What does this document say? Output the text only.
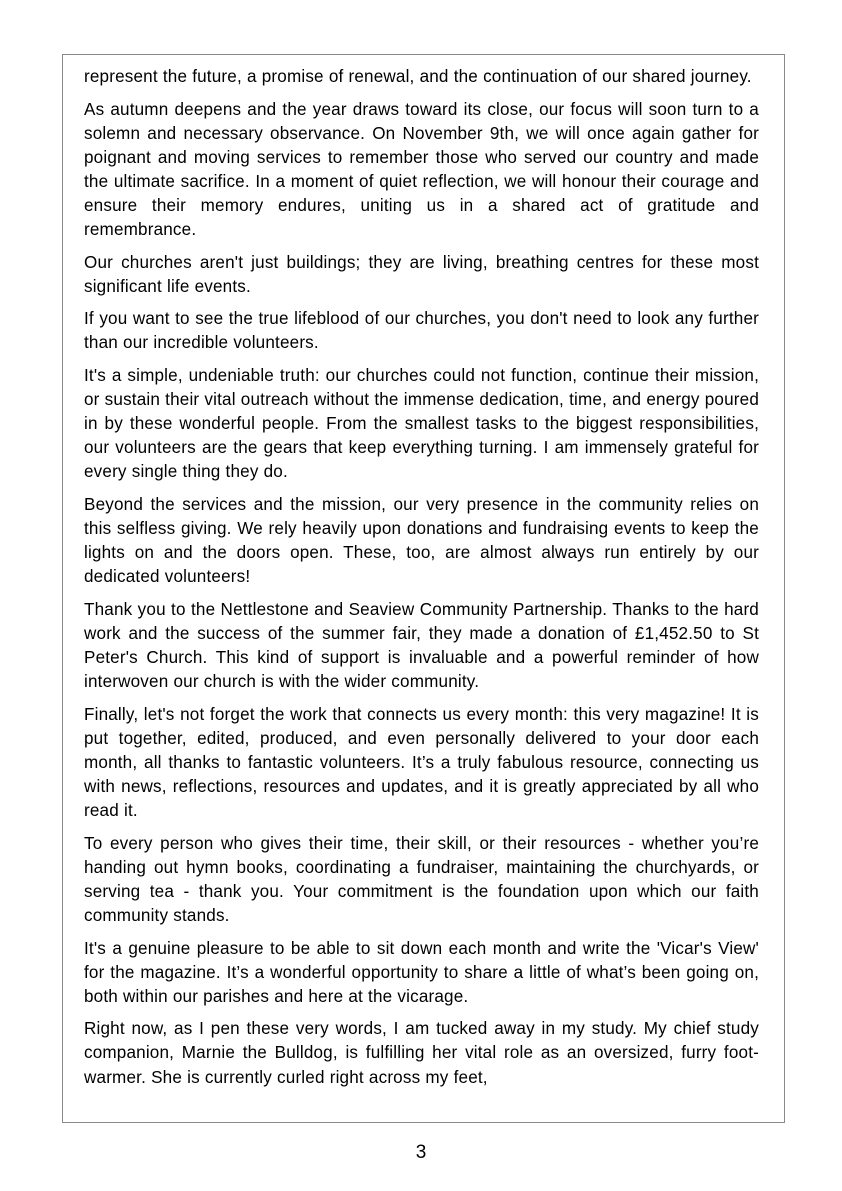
represent the future, a promise of renewal, and the continuation of our shared journey.

As autumn deepens and the year draws toward its close, our focus will soon turn to a solemn and necessary observance. On November 9th, we will once again gather for poignant and moving services to remember those who served our country and made the ultimate sacrifice. In a moment of quiet reflection, we will honour their courage and ensure their memory endures, uniting us in a shared act of gratitude and remembrance.

Our churches aren't just buildings; they are living, breathing centres for these most significant life events.

If you want to see the true lifeblood of our churches, you don't need to look any further than our incredible volunteers.

It's a simple, undeniable truth: our churches could not function, continue their mission, or sustain their vital outreach without the immense dedication, time, and energy poured in by these wonderful people. From the smallest tasks to the biggest responsibilities, our volunteers are the gears that keep everything turning. I am immensely grateful for every single thing they do.

Beyond the services and the mission, our very presence in the community relies on this selfless giving. We rely heavily upon donations and fundraising events to keep the lights on and the doors open. These, too, are almost always run entirely by our dedicated volunteers!

Thank you to the Nettlestone and Seaview Community Partnership. Thanks to the hard work and the success of the summer fair, they made a donation of £1,452.50 to St Peter's Church. This kind of support is invaluable and a powerful reminder of how interwoven our church is with the wider community.

Finally, let's not forget the work that connects us every month: this very magazine! It is put together, edited, produced, and even personally delivered to your door each month, all thanks to fantastic volunteers. It’s a truly fabulous resource, connecting us with news, reflections, resources and updates, and it is greatly appreciated by all who read it.

To every person who gives their time, their skill, or their resources - whether you’re handing out hymn books, coordinating a fundraiser, maintaining the churchyards, or serving tea - thank you. Your commitment is the foundation upon which our faith community stands.

It's a genuine pleasure to be able to sit down each month and write the 'Vicar's View' for the magazine. It’s a wonderful opportunity to share a little of what’s been going on, both within our parishes and here at the vicarage.

Right now, as I pen these very words, I am tucked away in my study. My chief study companion, Marnie the Bulldog, is fulfilling her vital role as an oversized, furry foot-warmer. She is currently curled right across my feet,

3
